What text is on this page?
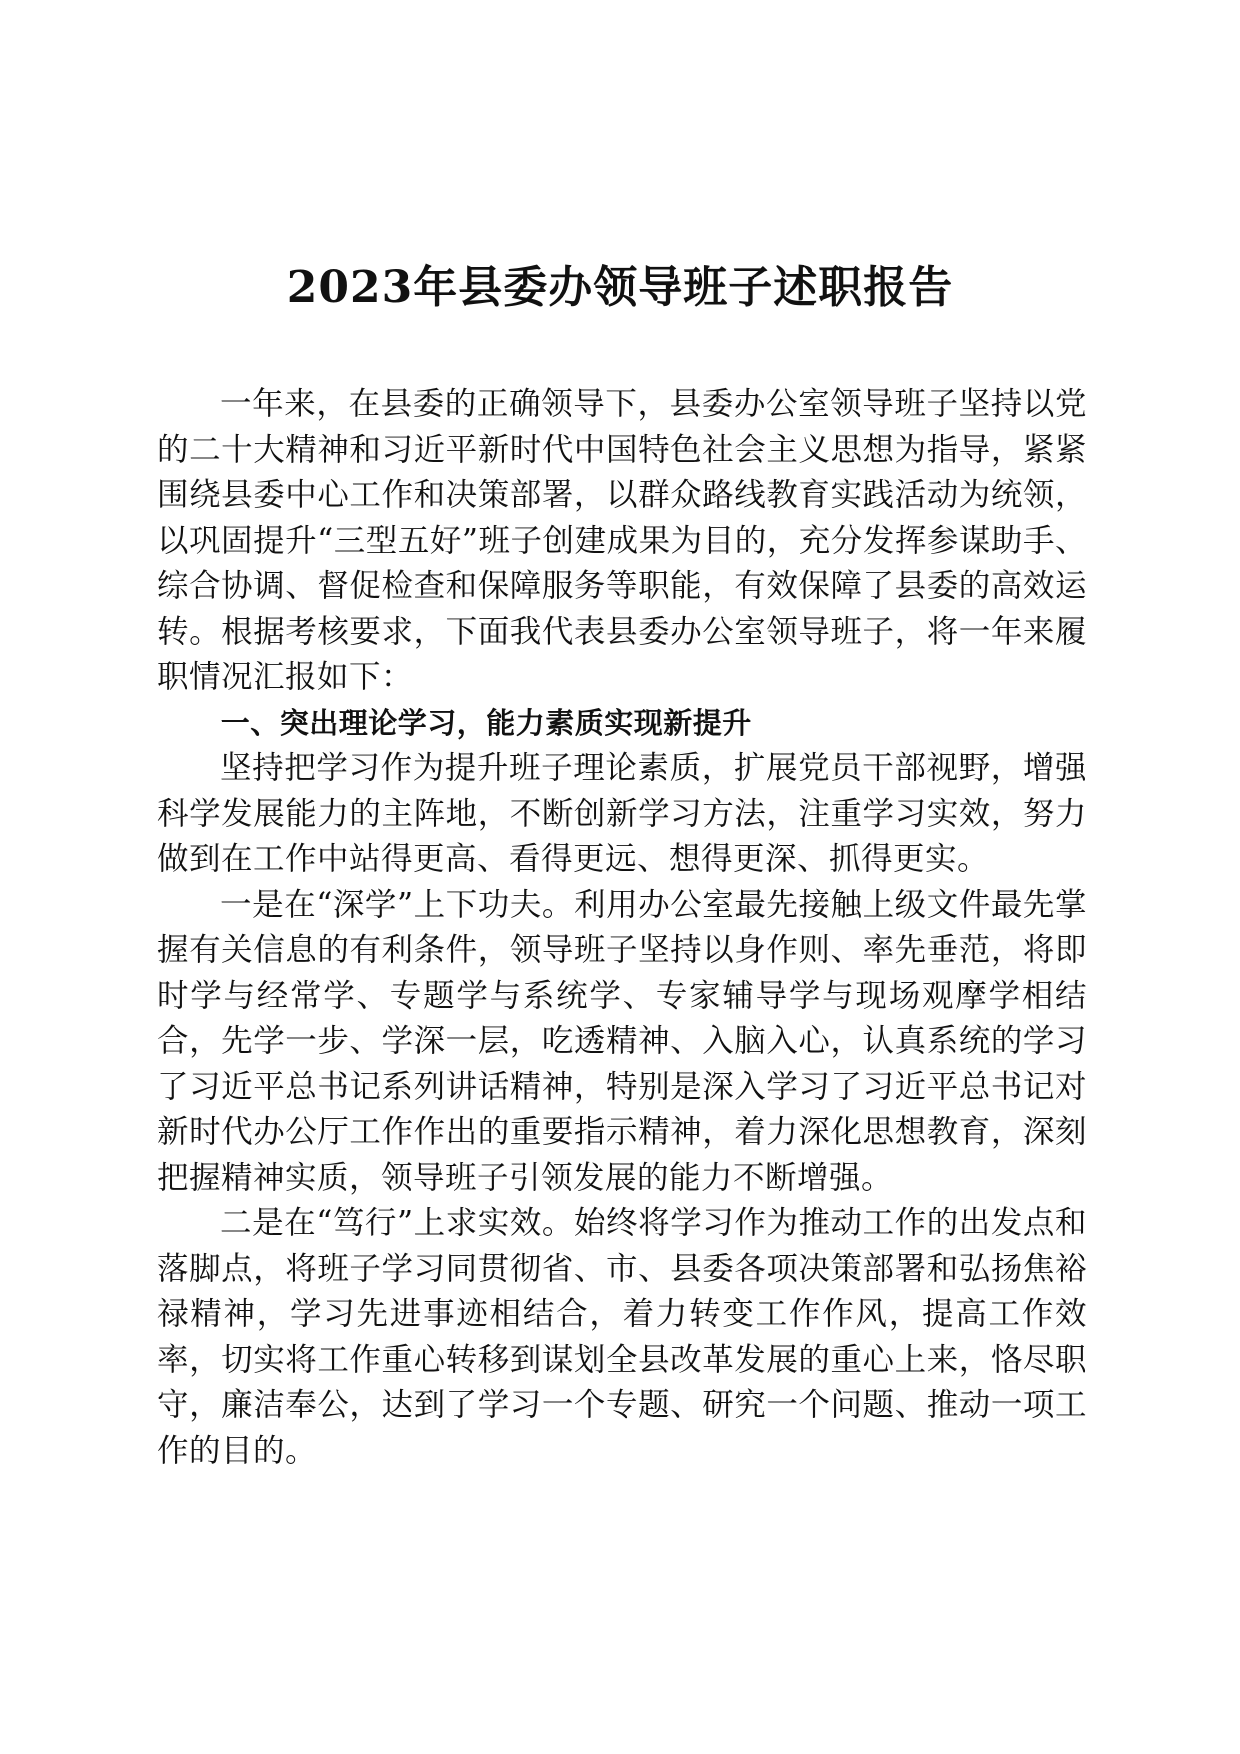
2023年县委办领导班子述职报告

一年来，在县委的正确领导下，县委办公室领导班子坚持以党的二十大精神和习近平新时代中国特色社会主义思想为指导，紧紧围绕县委中心工作和决策部署，以群众路线教育实践活动为统领，以巩固提升“三型五好”班子创建成果为目的，充分发挥参谋助手、综合协调、督促检查和保障服务等职能，有效保障了县委的高效运转。根据考核要求，下面我代表县委办公室领导班子，将一年来履职情况汇报如下：

一、突出理论学习，能力素质实现新提升

坚持把学习作为提升班子理论素质，扩展党员干部视野，增强科学发展能力的主阵地，不断创新学习方法，注重学习实效，努力做到在工作中站得更高、看得更远、想得更深、抓得更实。

一是在“深学”上下功夫。利用办公室最先接触上级文件最先掌握有关信息的有利条件，领导班子坚持以身作则、率先垂范，将即时学与经常学、专题学与系统学、专家辅导学与现场观摩学相结合，先学一步、学深一层，吃透精神、入脑入心，认真系统的学习了习近平总书记系列讲话精神，特别是深入学习了习近平总书记对新时代办公厅工作作出的重要指示精神，着力深化思想教育，深刻把握精神实质，领导班子引领发展的能力不断增强。

二是在“笃行”上求实效。始终将学习作为推动工作的出发点和落脚点，将班子学习同贯彻省、市、县委各项决策部署和弘扬焦裕禄精神，学习先进事迹相结合，着力转变工作作风，提高工作效率，切实将工作重心转移到谋划全县改革发展的重心上来，恪尽职守，廉洁奉公，达到了学习一个专题、研究一个问题、推动一项工作的目的。
